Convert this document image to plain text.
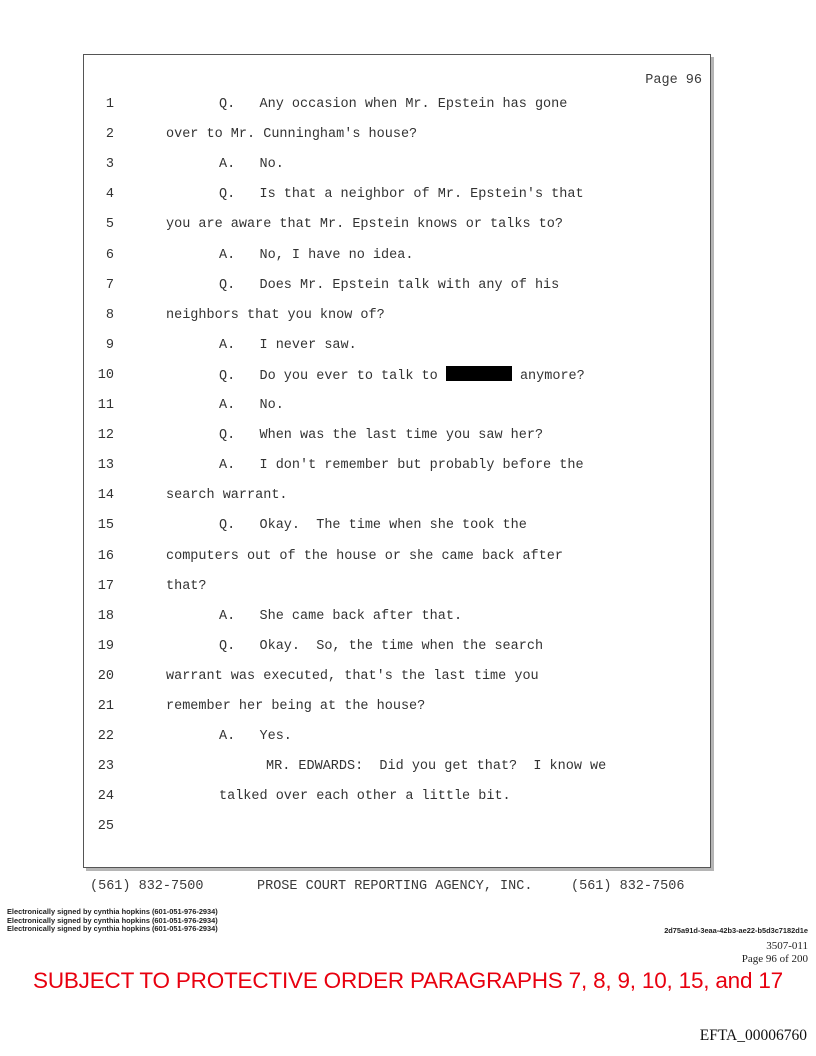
Page 96
1	Q.   Any occasion when Mr. Epstein has gone
2	over to Mr. Cunningham's house?
3	A.   No.
4	Q.   Is that a neighbor of Mr. Epstein's that
5	you are aware that Mr. Epstein knows or talks to?
6	A.   No, I have no idea.
7	Q.   Does Mr. Epstein talk with any of his
8	neighbors that you know of?
9	A.   I never saw.
10	Q.   Do you ever to talk to	anymore?
11	A.   No.
12	Q.   When was the last time you saw her?
13	A.   I don't remember but probably before the
14	search warrant.
15	Q.   Okay.  The time when she took the
16	computers out of the house or she came back after
17	that?
18	A.   She came back after that.
19	Q.   Okay.  So, the time when the search
20	warrant was executed, that's the last time you
21	remember her being at the house?
22	A.   Yes.
23	MR. EDWARDS:  Did you get that?  I know we
24	talked over each other a little bit.
25

(561) 832-7500

	PROSE COURT REPORTING AGENCY, INC.

	(561) 832-7506

Electronically signed by cynthia hopkins (601-051-976-2934)
Electronically signed by cynthia hopkins (601-051-976-2934)
Electronically signed by cynthia hopkins (601-051-976-2934)	2d75a91d-3eaa-42b3-ae22-b5d3c7182d1e
3507-011
Page 96 of 200
SUBJECT TO PROTECTIVE ORDER PARAGRAPHS 7, 8, 9, 10, 15, and 17
EFTA_00006760
